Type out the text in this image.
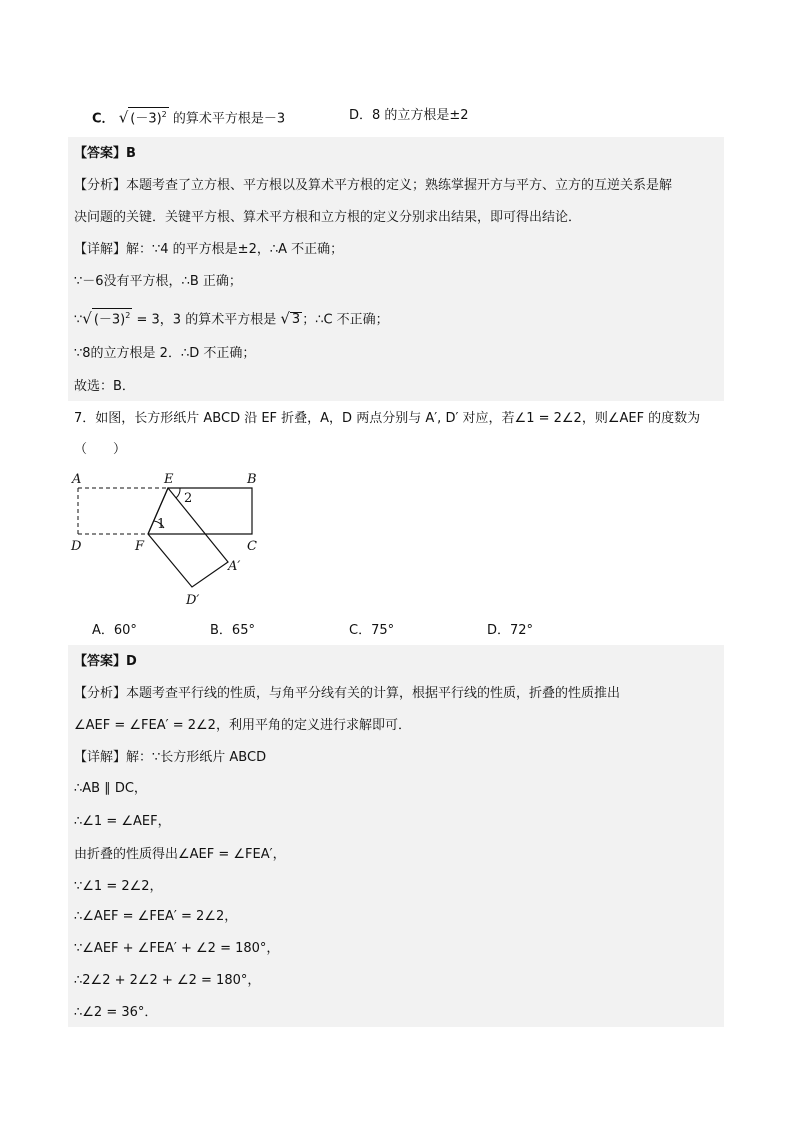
C． √ $(-3)^2$ 的算术平方根是－3	D．8 的立方根是±2
【答案】B
【分析】本题考查了立方根、平方根以及算术平方根的定义；熟练掌握开方与平方、立方的互逆关系是解
决问题的关键．关键平方根、算术平方根和立方根的定义分别求出结果，即可得出结论．
【详解】解：∵4 的平方根是±2，∴A 不正确；
∵－6没有平方根，∴B 正确；
∵√ $(-3)^2 = 3$，3 的算术平方根是 √ 3 ；∴C 不正确；
∵8的立方根是 2．∴D 不正确；
故选：B．
7．如图，长方形纸片 ABCD 沿 EF 折叠，A，D 两点分别与 A′, D′ 对应，若∠1 = 2∠2，则∠AEF 的度数为
（　　）
A	E	B
D	F	C
A′
D′
1
2
A．60°	B．65°	C．75°	D．72°
【答案】D
【分析】本题考查平行线的性质，与角平分线有关的计算，根据平行线的性质，折叠的性质推出
∠AEF = ∠FEA′ = 2∠2，利用平角的定义进行求解即可．
【详解】解：∵长方形纸片 ABCD
∴AB ∥ DC，
∴∠1 = ∠AEF，
由折叠的性质得出∠AEF = ∠FEA′，
∵∠1 = 2∠2，
∴∠AEF = ∠FEA′ = 2∠2，
∵∠AEF + ∠FEA′ + ∠2 = 180°，
∴2∠2 + 2∠2 + ∠2 = 180°，
∴∠2 = 36°．
